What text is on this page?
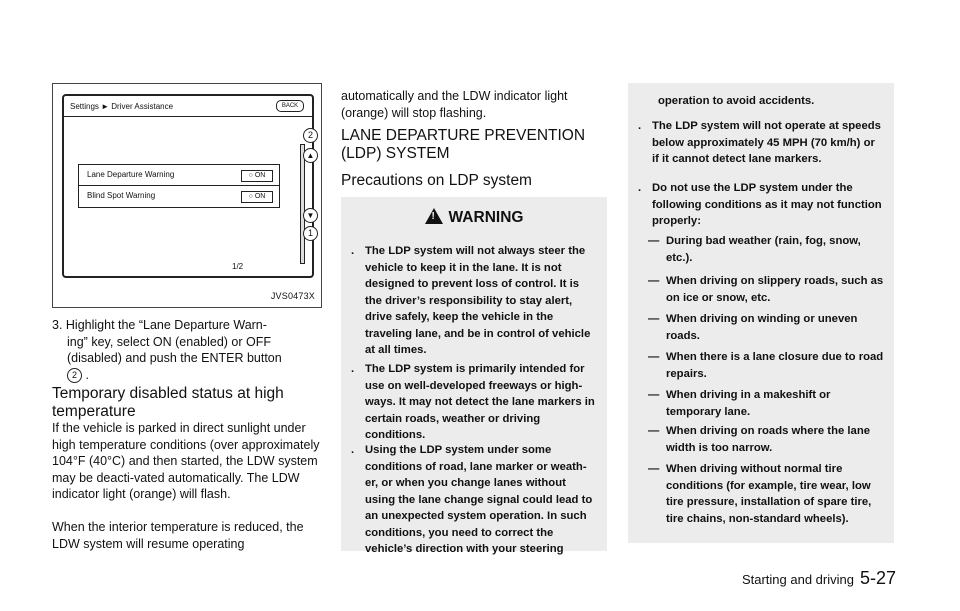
Settings ► Driver Assistance	BACK
Lane Departure Warning	○ ON
Blind Spot Warning	○ ON
1/2
2
▲
▼
1
JVS0473X

3. Highlight the “Lane Departure Warn-

ing” key, select ON (enabled) or OFF

(disabled) and push the ENTER button

2 .

Temporary disabled status at high temperature

If the vehicle is parked in direct sunlight under high temperature conditions (over approximately 104°F (40°C) and then started, the LDW system may be deacti-vated automatically. The LDW indicator light (orange) will flash.

When the interior temperature is reduced, the LDW system will resume operating

automatically and the LDW indicator light (orange) will stop flashing.

LANE DEPARTURE PREVENTION (LDP) SYSTEM
Precautions on LDP system
! WARNING
. The LDP system will not always steer the vehicle to keep it in the lane. It is not designed to prevent loss of control. It is the driver’s responsibility to stay alert, drive safely, keep the vehicle in the traveling lane, and be in control of vehicle at all times.
. The LDP system is primarily intended for use on well-developed freeways or high-ways. It may not detect the lane markers in certain roads, weather or driving conditions.
. Using the LDP system under some conditions of road, lane marker or weath-er, or when you change lanes without using the lane change signal could lead to an unexpected system operation. In such conditions, you need to correct the vehicle’s direction with your steering
operation to avoid accidents.
. The LDP system will not operate at speeds below approximately 45 MPH (70 km/h) or if it cannot detect lane markers.
. Do not use the LDP system under the following conditions as it may not function properly:
— During bad weather (rain, fog, snow, etc.).
— When driving on slippery roads, such as on ice or snow, etc.
— When driving on winding or uneven roads.
— When there is a lane closure due to road repairs.
— When driving in a makeshift or temporary lane.
— When driving on roads where the lane width is too narrow.
— When driving without normal tire conditions (for example, tire wear, low tire pressure, installation of spare tire, tire chains, non-standard wheels).
Starting and driving 5-27
